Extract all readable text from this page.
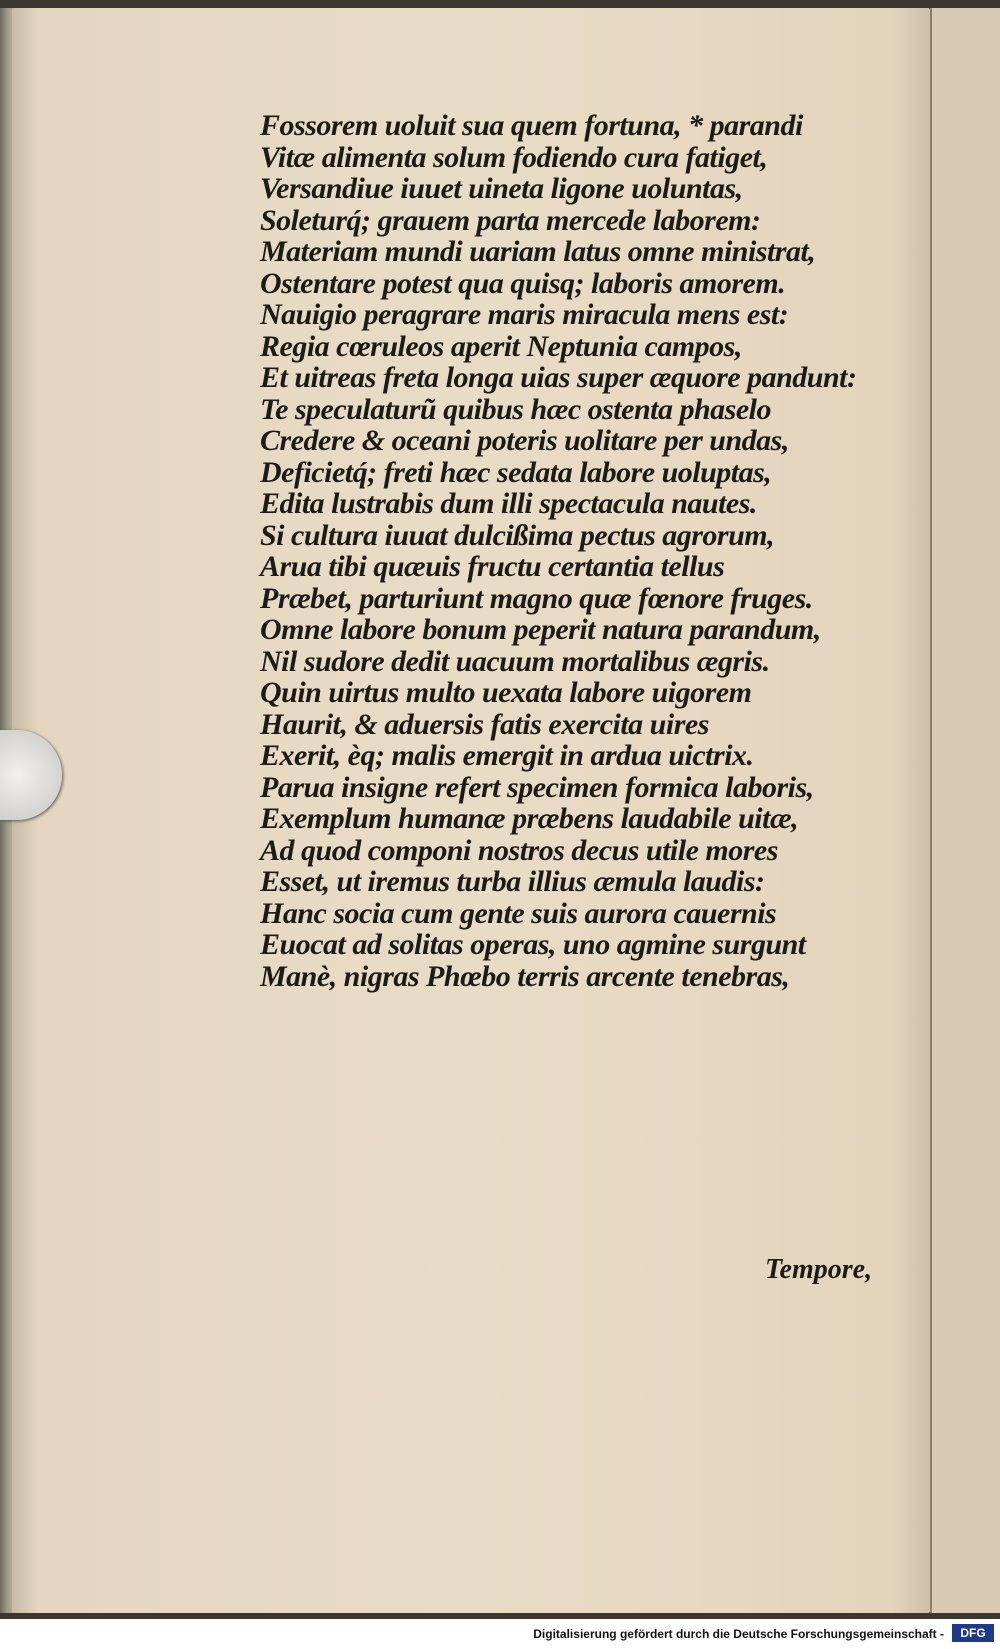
Fossorem uoluit sua quem fortuna, * parandi
Vitæ alimenta solum fodiendo cura fatiget,
Versandiue iuuet uineta ligone uoluntas,
Soleturq́; grauem parta mercede laborem:
Materiam mundi uariam latus omne ministrat,
Ostentare potest qua quisq; laboris amorem.
Nauigio peragrare maris miracula mens est:
Regia cœruleos aperit Neptunia campos,
Et uitreas freta longa uias super æquore pandunt:
Te speculaturũ quibus hæc ostenta phaselo
Credere & oceani poteris uolitare per undas,
Deficietq́; freti hæc sedata labore uoluptas,
Edita lustrabis dum illi spectacula nautes.
Si cultura iuuat dulcißima pectus agrorum,
Arua tibi quæuis fructu certantia tellus
Præbet, parturiunt magno quæ fœnore fruges.
Omne labore bonum peperit natura parandum,
Nil sudore dedit uacuum mortalibus ægris.
Quin uirtus multo uexata labore uigorem
Haurit, & aduersis fatis exercita uires
Exerit, èq; malis emergit in ardua uictrix.
Parua insigne refert specimen formica laboris,
Exemplum humanæ præbens laudabile uitæ,
Ad quod componi nostros decus utile mores
Esset, ut iremus turba illius æmula laudis:
Hanc socia cum gente suis aurora cauernis
Euocat ad solitas operas, uno agmine surgunt
Manè, nigras Phœbo terris arcente tenebras,
Tempore,
Digitalisierung gefördert durch die Deutsche Forschungsgemeinschaft -	DFG
